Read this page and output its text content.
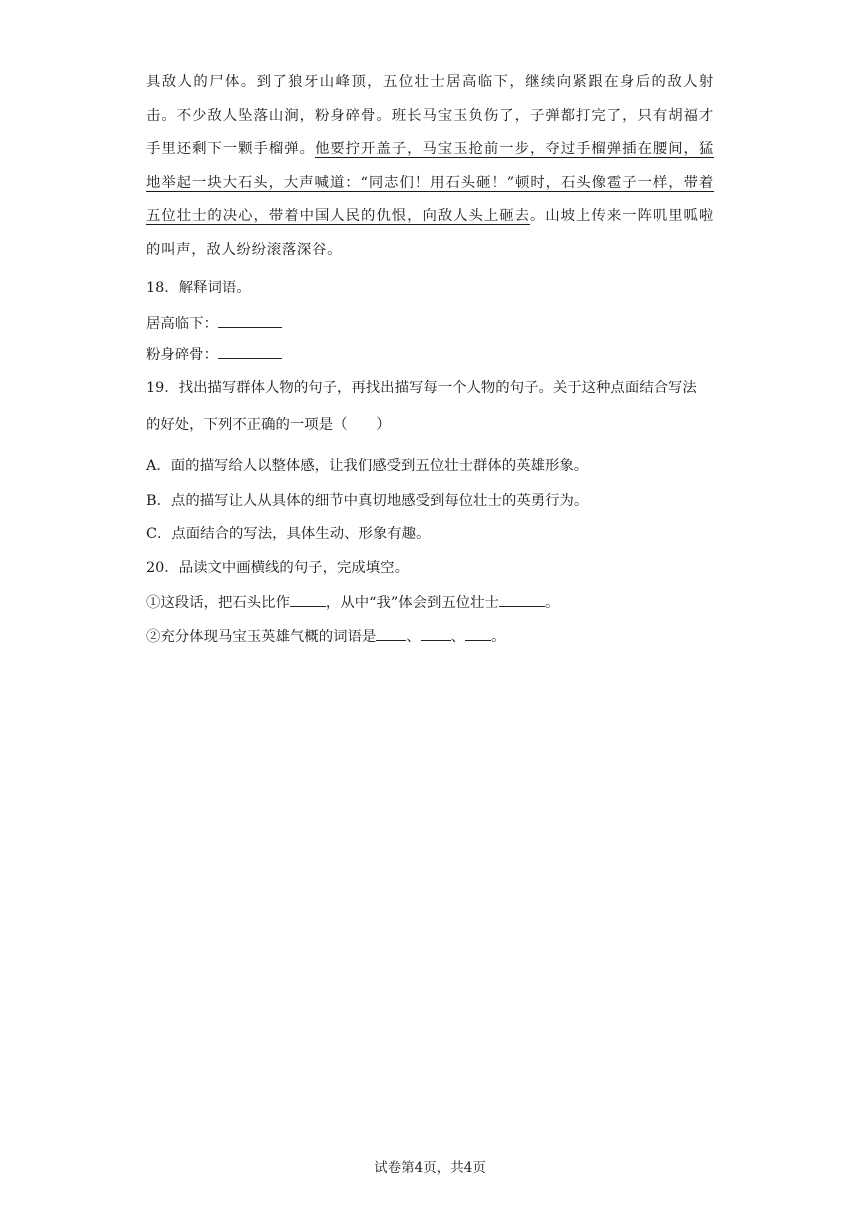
具敌人的尸体。到了狼牙山峰顶，五位壮士居高临下，继续向紧跟在身后的敌人射击。不少敌人坠落山涧，粉身碎骨。班长马宝玉负伤了，子弹都打完了，只有胡福才手里还剩下一颗手榴弹。他要拧开盖子，马宝玉抢前一步，夺过手榴弹插在腰间，猛地举起一块大石头，大声喊道：“同志们！用石头砸！”顿时，石头像雹子一样，带着五位壮士的决心，带着中国人民的仇恨，向敌人头上砸去。山坡上传来一阵叽里呱啦的叫声，敌人纷纷滚落深谷。
18．解释词语。
居高临下：
粉身碎骨：
19．找出描写群体人物的句子，再找出描写每一个人物的句子。关于这种点面结合写法
的好处，下列不正确的一项是（　　）
A．面的描写给人以整体感，让我们感受到五位壮士群体的英雄形象。
B．点的描写让人从具体的细节中真切地感受到每位壮士的英勇行为。
C．点面结合的写法，具体生动、形象有趣。
20．品读文中画横线的句子，完成填空。
①这段话，把石头比作	，从中“我”体会到五位壮士	。
②充分体现马宝玉英雄气概的词语是 、 、 。
试卷第4页，共4页
